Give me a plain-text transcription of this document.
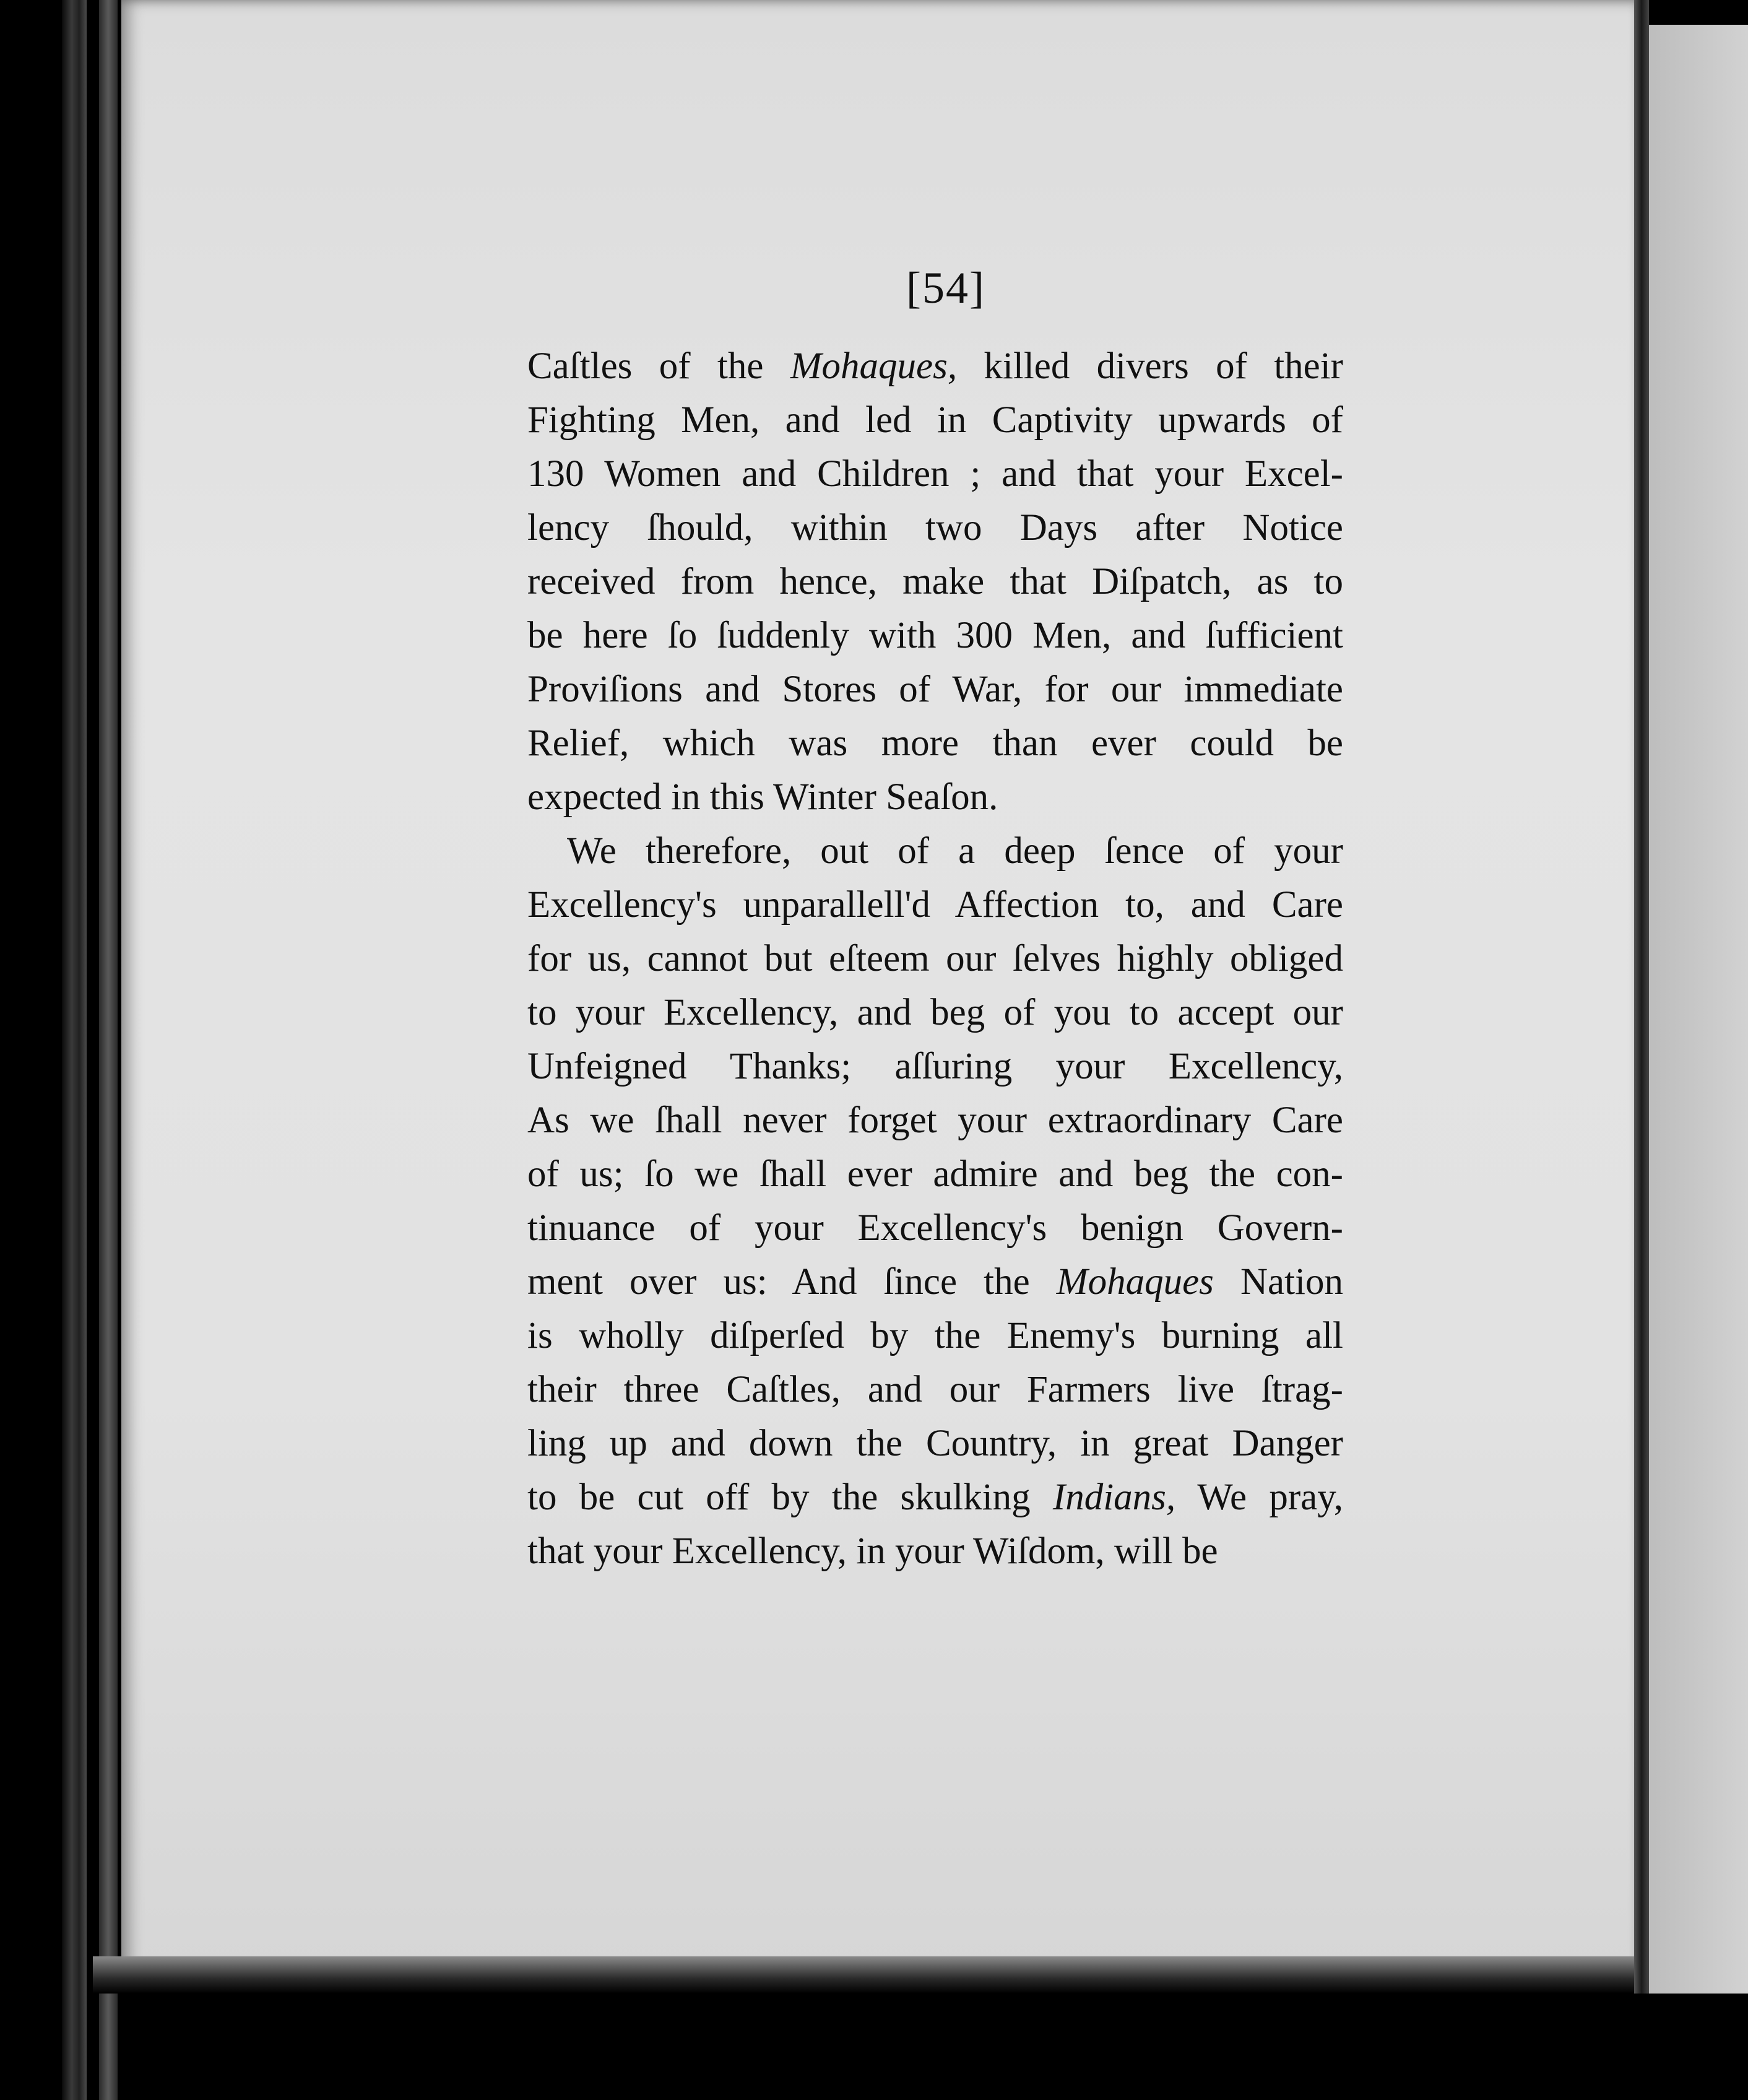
[54]
Caſtles of the Mohaques, killed divers of their
Fighting Men, and led in Captivity upwards of
130 Women and Children ; and that your Excel-
lency ſhould, within two Days after Notice
received from hence, make that Diſpatch, as to
be here ſo ſuddenly with 300 Men, and ſufficient
Proviſions and Stores of War, for our immediate
Relief, which was more than ever could be
expected in this Winter Seaſon.
We therefore, out of a deep ſence of your
Excellency's unparallell'd Affection to, and Care
for us, cannot but eſteem our ſelves highly obliged
to your Excellency, and beg of you to accept our
Unfeigned Thanks; aſſuring your Excellency,
As we ſhall never forget your extraordinary Care
of us; ſo we ſhall ever admire and beg the con-
tinuance of your Excellency's benign Govern-
ment over us: And ſince the Mohaques Nation
is wholly diſperſed by the Enemy's burning all
their three Caſtles, and our Farmers live ſtrag-
ling up and down the Country, in great Danger
to be cut off by the skulking Indians, We pray,
that your Excellency, in your Wiſdom, will be
